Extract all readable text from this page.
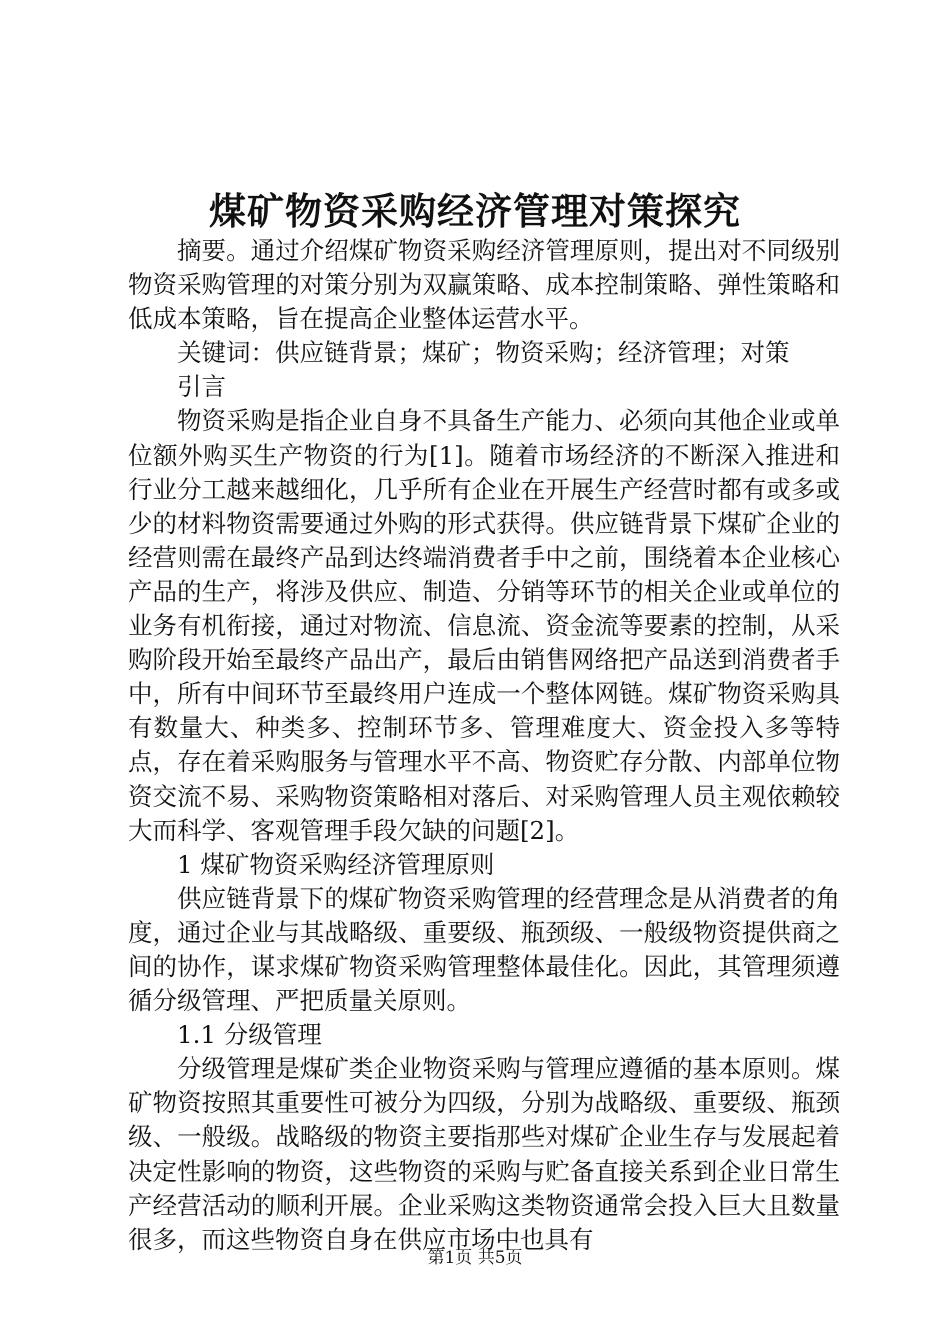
煤矿物资采购经济管理对策探究

摘要。通过介绍煤矿物资采购经济管理原则，提出对不同级别物资采购管理的对策分别为双赢策略、成本控制策略、弹性策略和低成本策略，旨在提高企业整体运营水平。

关键词：供应链背景；煤矿；物资采购；经济管理；对策

引言

物资采购是指企业自身不具备生产能力、必须向其他企业或单位额外购买生产物资的行为[1]。随着市场经济的不断深入推进和行业分工越来越细化，几乎所有企业在开展生产经营时都有或多或少的材料物资需要通过外购的形式获得。供应链背景下煤矿企业的经营则需在最终产品到达终端消费者手中之前，围绕着本企业核心产品的生产，将涉及供应、制造、分销等环节的相关企业或单位的业务有机衔接，通过对物流、信息流、资金流等要素的控制，从采购阶段开始至最终产品出产，最后由销售网络把产品送到消费者手中，所有中间环节至最终用户连成一个整体网链。煤矿物资采购具有数量大、种类多、控制环节多、管理难度大、资金投入多等特点，存在着采购服务与管理水平不高、物资贮存分散、内部单位物资交流不易、采购物资策略相对落后、对采购管理人员主观依赖较大而科学、客观管理手段欠缺的问题[2]。

1 煤矿物资采购经济管理原则

供应链背景下的煤矿物资采购管理的经营理念是从消费者的角度，通过企业与其战略级、重要级、瓶颈级、一般级物资提供商之间的协作，谋求煤矿物资采购管理整体最佳化。因此，其管理须遵循分级管理、严把质量关原则。

1.1 分级管理

分级管理是煤矿类企业物资采购与管理应遵循的基本原则。煤矿物资按照其重要性可被分为四级，分别为战略级、重要级、瓶颈级、一般级。战略级的物资主要指那些对煤矿企业生存与发展起着决定性影响的物资，这些物资的采购与贮备直接关系到企业日常生产经营活动的顺利开展。企业采购这类物资通常会投入巨大且数量很多，而这些物资自身在供应市场中也具有

第1页 共5页
